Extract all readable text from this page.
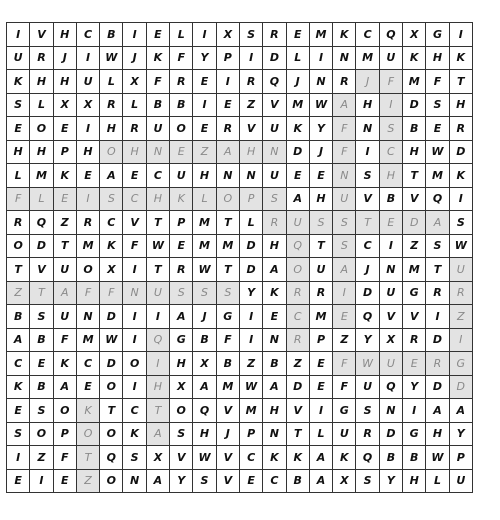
I	V	H	C	B	I	E	L	I	X	S	R	E	M	K	C	Q	X	G	I
U	R	J	I	W	J	K	F	Y	P	I	D	L	I	N	M	U	K	H	K
K	H	H	U	L	X	F	R	E	I	R	Q	J	N	R	J	F	M	F	T
S	L	X	X	R	L	B	B	I	E	Z	V	M	W	A	H	I	D	S	H
E	O	E	I	H	R	U	O	E	R	V	U	K	Y	F	N	S	B	E	R
H	H	P	H	O	H	N	E	Z	A	H	N	D	J	F	I	C	H	W	D
L	M	K	E	A	E	C	U	H	N	N	U	E	E	N	S	H	T	M	K
F	L	E	I	S	C	H	K	L	O	P	S	A	H	U	V	B	V	Q	I
R	Q	Z	R	C	V	T	P	M	T	L	R	U	S	S	T	E	D	A	S
O	D	T	M	K	F	W	E	M	M	D	H	Q	T	S	C	I	Z	S	W
T	V	U	O	X	I	T	R	W	T	D	A	O	U	A	J	N	M	T	U
Z	T	A	F	F	N	U	S	S	S	Y	K	R	R	I	D	U	G	R	R
B	S	U	N	D	I	I	A	J	G	I	E	C	M	E	Q	V	V	I	Z
A	B	F	M	W	I	Q	G	B	F	I	N	R	P	Z	Y	X	R	D	I
C	E	K	C	D	O	I	H	X	B	Z	B	Z	E	F	W	U	E	R	G
K	B	A	E	O	I	H	X	A	M	W	A	D	E	F	U	Q	Y	D	D
E	S	O	K	T	C	T	O	Q	V	M	H	V	I	G	S	N	I	A	A
S	O	P	O	O	K	A	S	H	J	P	N	T	L	U	R	D	G	H	Y
I	Z	F	T	Q	S	X	V	W	V	C	K	K	A	K	Q	B	B	W	P
E	I	E	Z	O	N	A	Y	S	V	E	C	B	A	X	S	Y	H	L	U
